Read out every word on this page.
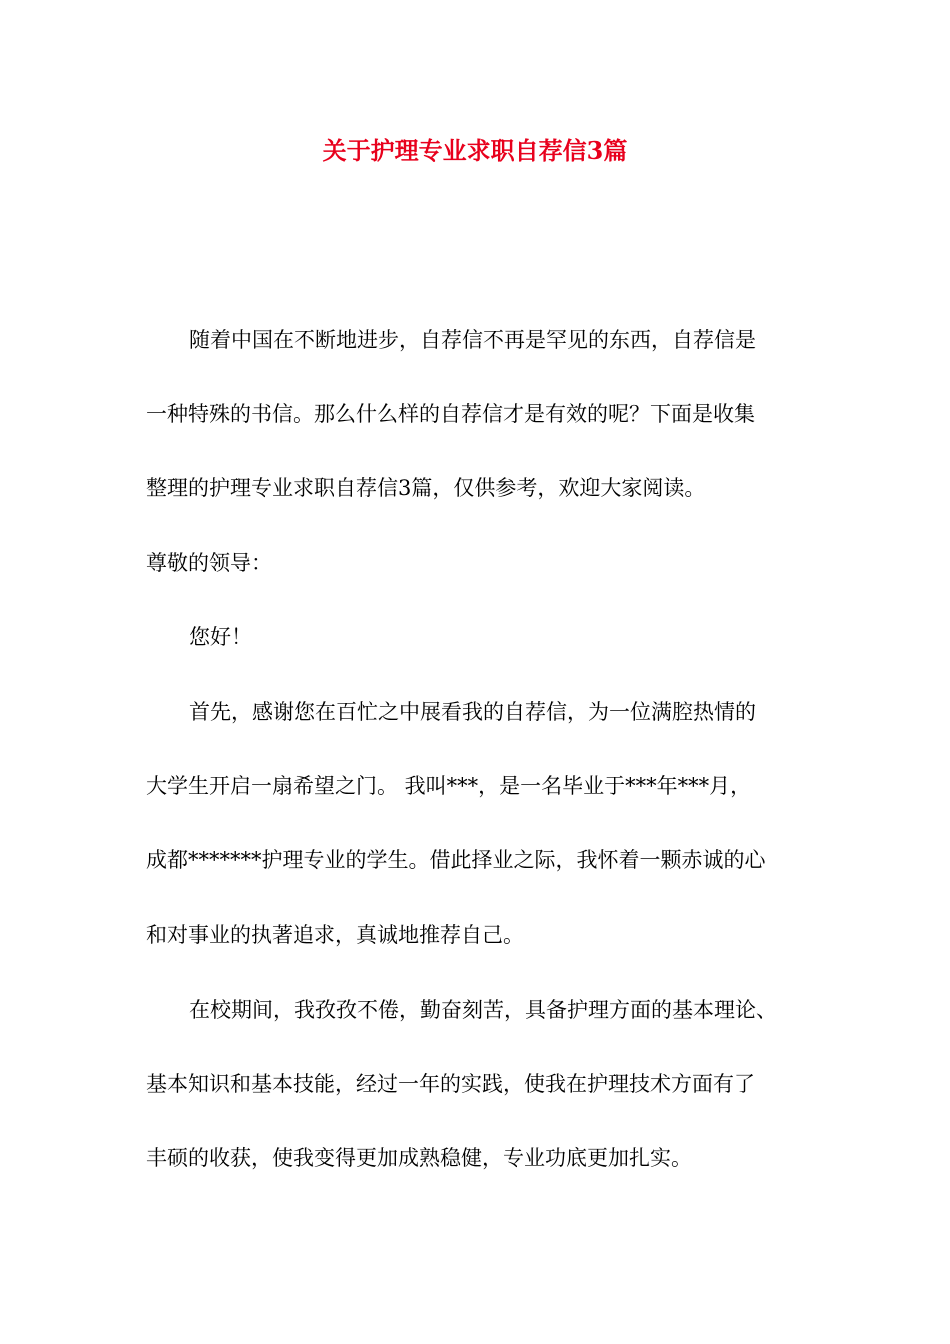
关于护理专业求职自荐信3篇
随着中国在不断地进步，自荐信不再是罕见的东西，自荐信是
一种特殊的书信。那么什么样的自荐信才是有效的呢？下面是收集
整理的护理专业求职自荐信3篇，仅供参考，欢迎大家阅读。
尊敬的领导：
您好！
首先，感谢您在百忙之中展看我的自荐信，为一位满腔热情的
大学生开启一扇希望之门。 我叫***，是一名毕业于***年***月，
成都*******护理专业的学生。借此择业之际，我怀着一颗赤诚的心
和对事业的执著追求，真诚地推荐自己。
在校期间，我孜孜不倦，勤奋刻苦，具备护理方面的基本理论、
基本知识和基本技能，经过一年的实践，使我在护理技术方面有了
丰硕的收获，使我变得更加成熟稳健，专业功底更加扎实。
